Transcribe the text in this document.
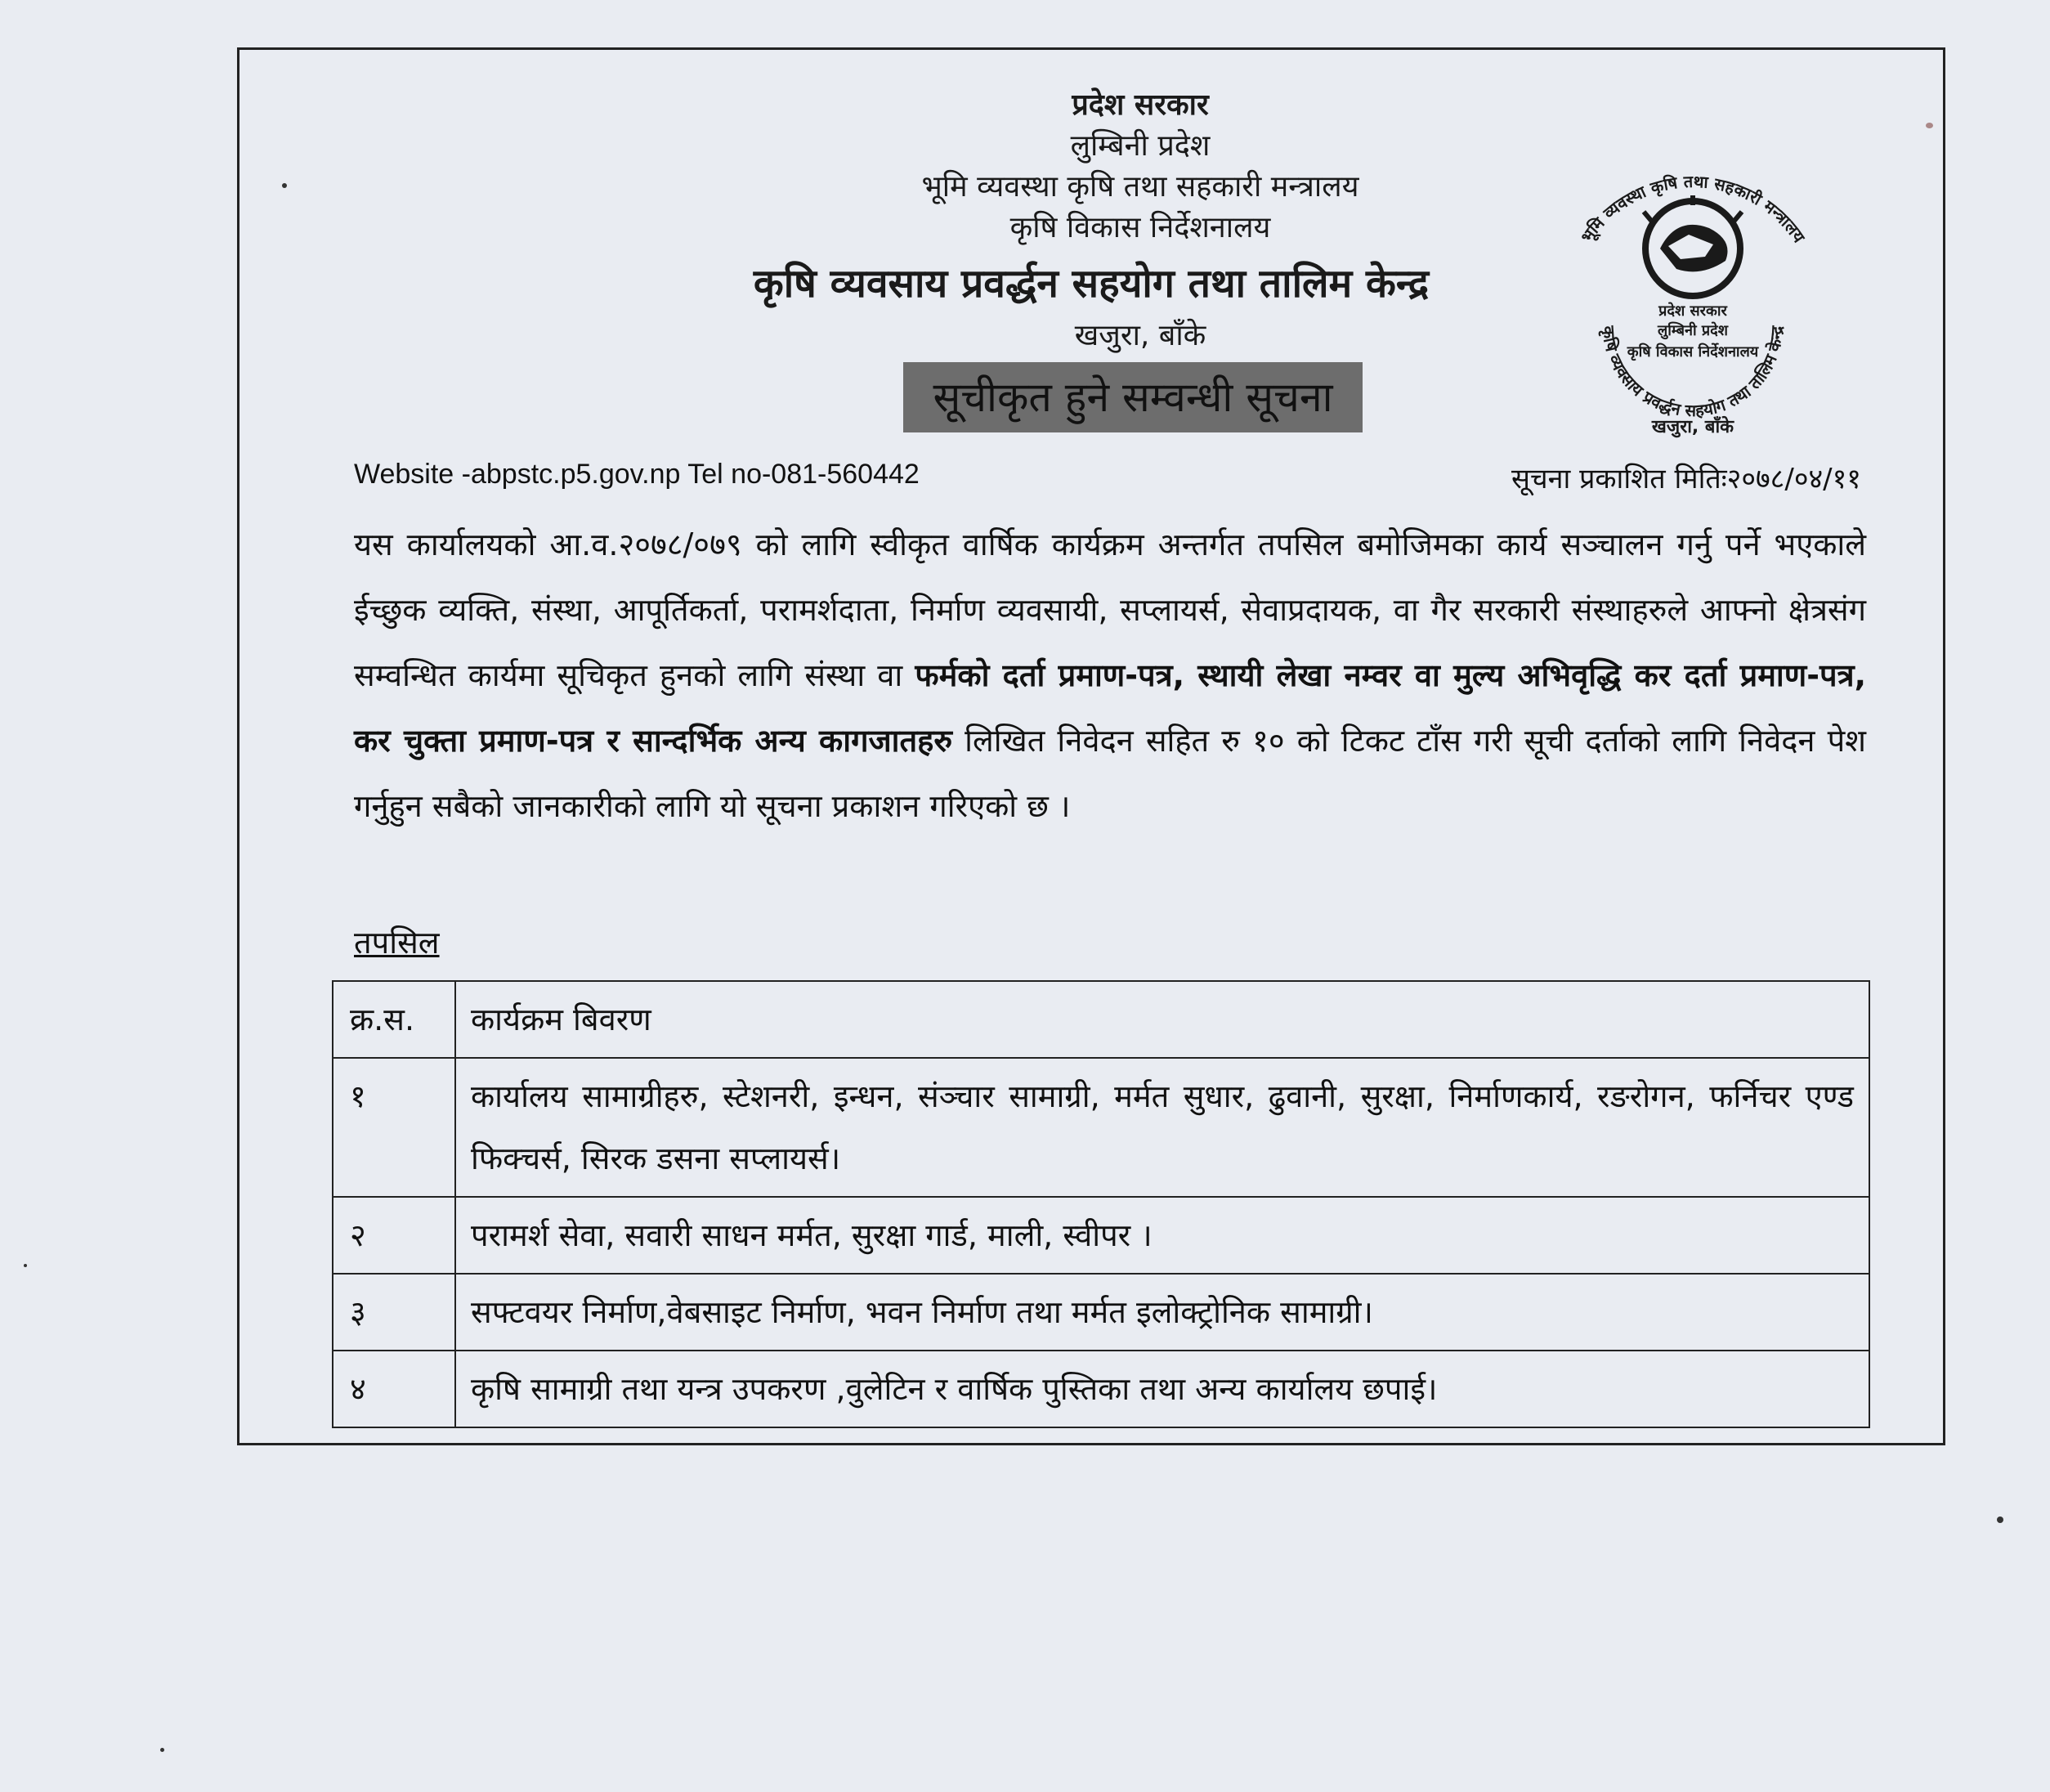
प्रदेश सरकार
लुम्बिनी प्रदेश
भूमि व्यवस्था कृषि तथा सहकारी मन्त्रालय
कृषि विकास निर्देशनालय
कृषि व्यवसाय प्रवर्द्धन सहयोग तथा तालिम केन्द्र
खजुरा, बाँके
सूचीकृत हुने सम्वन्धी सूचना
भूमि व्यवस्था कृषि तथा सहकारी मन्त्रालय
कृषि व्यवसाय प्रवर्द्धन सहयोग तथा तालिम केन्द्र
प्रदेश सरकार
लुम्बिनी प्रदेश
कृषि विकास निर्देशनालय
खजुरा, बाँके
Website -abpstc.p5.gov.np Tel no-081-560442	सूचना प्रकाशित मितिः२०७८/०४/११
यस कार्यालयको आ.व.२०७८/०७९ को लागि स्वीकृत वार्षिक कार्यक्रम अन्तर्गत तपसिल बमोजिमका कार्य सञ्चालन गर्नु पर्ने भएकाले ईच्छुक व्यक्ति, संस्था, आपूर्तिकर्ता, परामर्शदाता, निर्माण व्यवसायी, सप्लायर्स, सेवाप्रदायक, वा गैर सरकारी संस्थाहरुले आफ्नो क्षेत्रसंग सम्वन्धित कार्यमा सूचिकृत हुनको लागि संस्था वा फर्मको दर्ता प्रमाण-पत्र, स्थायी लेखा नम्वर वा मुल्य अभिवृद्धि कर दर्ता प्रमाण-पत्र, कर चुक्ता प्रमाण-पत्र र सान्दर्भिक अन्य कागजातहरु लिखित निवेदन सहित रु १० को टिकट टाँस गरी सूची दर्ताको लागि निवेदन पेश गर्नुहुन सबैको जानकारीको लागि यो सूचना प्रकाशन गरिएको छ ।
तपसिल
क्र.स.	कार्यक्रम बिवरण
१	कार्यालय सामाग्रीहरु, स्टेशनरी, इन्धन, संञ्चार सामाग्री, मर्मत सुधार, ढुवानी, सुरक्षा, निर्माणकार्य, रङरोगन, फर्निचर एण्ड फिक्चर्स, सिरक डसना सप्लायर्स।
२	परामर्श सेवा, सवारी साधन मर्मत, सुरक्षा गार्ड, माली, स्वीपर ।
३	सफ्टवयर निर्माण,वेबसाइट निर्माण, भवन निर्माण तथा मर्मत इलोक्ट्रोनिक सामाग्री।
४	कृषि सामाग्री तथा यन्त्र उपकरण ,वुलेटिन र वार्षिक पुस्तिका तथा अन्य कार्यालय छपाई।
